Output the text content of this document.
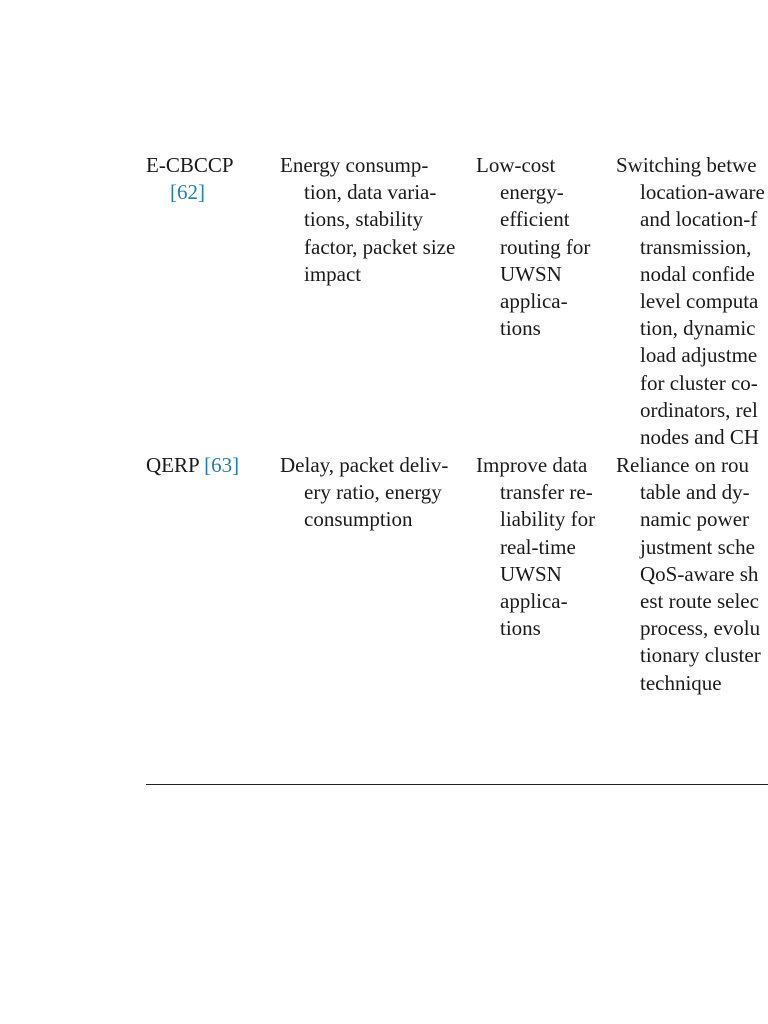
E-CBCCP
[62]
Energy consump-
tion, data varia-
tions, stability
factor, packet size
impact
Low-cost
energy-
efficient
routing for
UWSN
applica-
tions
Switching betwe
location-aware
and location-f
transmission,
nodal confide
level computa
tion, dynamic
load adjustme
for cluster co-
ordinators, rel
nodes and CH
QERP [63] Delay, packet deliv-
ery ratio, energy
consumption
Improve data
transfer re-
liability for
real-time
UWSN
applica-
tions
Reliance on rou
table and dy-
namic power
justment sche
QoS-aware sh
est route selec
process, evolu
tionary cluster
technique
